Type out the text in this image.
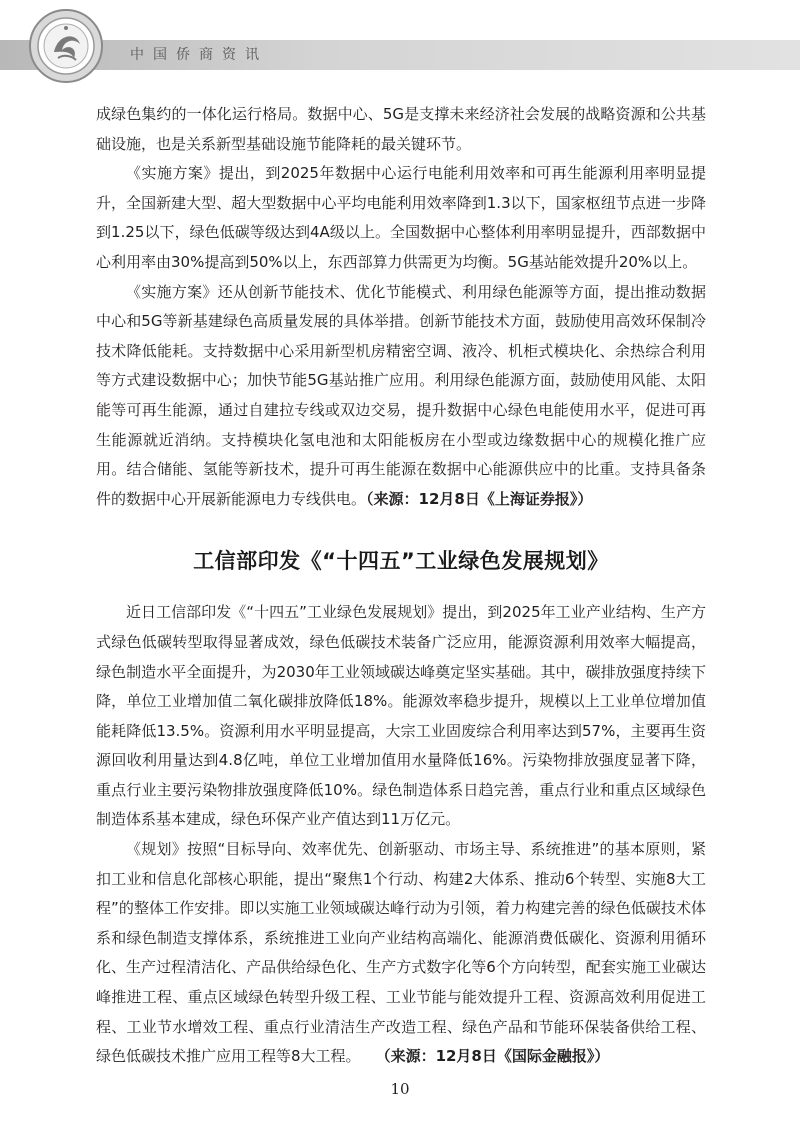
中国侨商资讯

成绿色集约的一体化运行格局。数据中心、5G是支撑未来经济社会发展的战略资源和公共基础设施，也是关系新型基础设施节能降耗的最关键环节。

《实施方案》提出，到2025年数据中心运行电能利用效率和可再生能源利用率明显提升，全国新建大型、超大型数据中心平均电能利用效率降到1.3以下，国家枢纽节点进一步降到1.25以下，绿色低碳等级达到4A级以上。全国数据中心整体利用率明显提升，西部数据中心利用率由30%提高到50%以上，东西部算力供需更为均衡。5G基站能效提升20%以上。

《实施方案》还从创新节能技术、优化节能模式、利用绿色能源等方面，提出推动数据中心和5G等新基建绿色高质量发展的具体举措。创新节能技术方面，鼓励使用高效环保制冷技术降低能耗。支持数据中心采用新型机房精密空调、液冷、机柜式模块化、余热综合利用等方式建设数据中心；加快节能5G基站推广应用。利用绿色能源方面，鼓励使用风能、太阳能等可再生能源，通过自建拉专线或双边交易，提升数据中心绿色电能使用水平，促进可再生能源就近消纳。支持模块化氢电池和太阳能板房在小型或边缘数据中心的规模化推广应用。结合储能、氢能等新技术，提升可再生能源在数据中心能源供应中的比重。支持具备条件的数据中心开展新能源电力专线供电。（来源：12月8日《上海证券报》）

工信部印发《“十四五”工业绿色发展规划》

近日工信部印发《“十四五”工业绿色发展规划》提出，到2025年工业产业结构、生产方式绿色低碳转型取得显著成效，绿色低碳技术装备广泛应用，能源资源利用效率大幅提高，绿色制造水平全面提升，为2030年工业领域碳达峰奠定坚实基础。其中，碳排放强度持续下降，单位工业增加值二氧化碳排放降低18%。能源效率稳步提升，规模以上工业单位增加值能耗降低13.5%。资源利用水平明显提高，大宗工业固废综合利用率达到57%，主要再生资源回收利用量达到4.8亿吨，单位工业增加值用水量降低16%。污染物排放强度显著下降，重点行业主要污染物排放强度降低10%。绿色制造体系日趋完善，重点行业和重点区域绿色制造体系基本建成，绿色环保产业产值达到11万亿元。

《规划》按照“目标导向、效率优先、创新驱动、市场主导、系统推进”的基本原则，紧扣工业和信息化部核心职能，提出“聚焦1个行动、构建2大体系、推动6个转型、实施8大工程”的整体工作安排。即以实施工业领域碳达峰行动为引领，着力构建完善的绿色低碳技术体系和绿色制造支撑体系，系统推进工业向产业结构高端化、能源消费低碳化、资源利用循环化、生产过程清洁化、产品供给绿色化、生产方式数字化等6个方向转型，配套实施工业碳达峰推进工程、重点区域绿色转型升级工程、工业节能与能效提升工程、资源高效利用促进工程、工业节水增效工程、重点行业清洁生产改造工程、绿色产品和节能环保装备供给工程、绿色低碳技术推广应用工程等8大工程。　　 （来源：12月8日《国际金融报》）

10
